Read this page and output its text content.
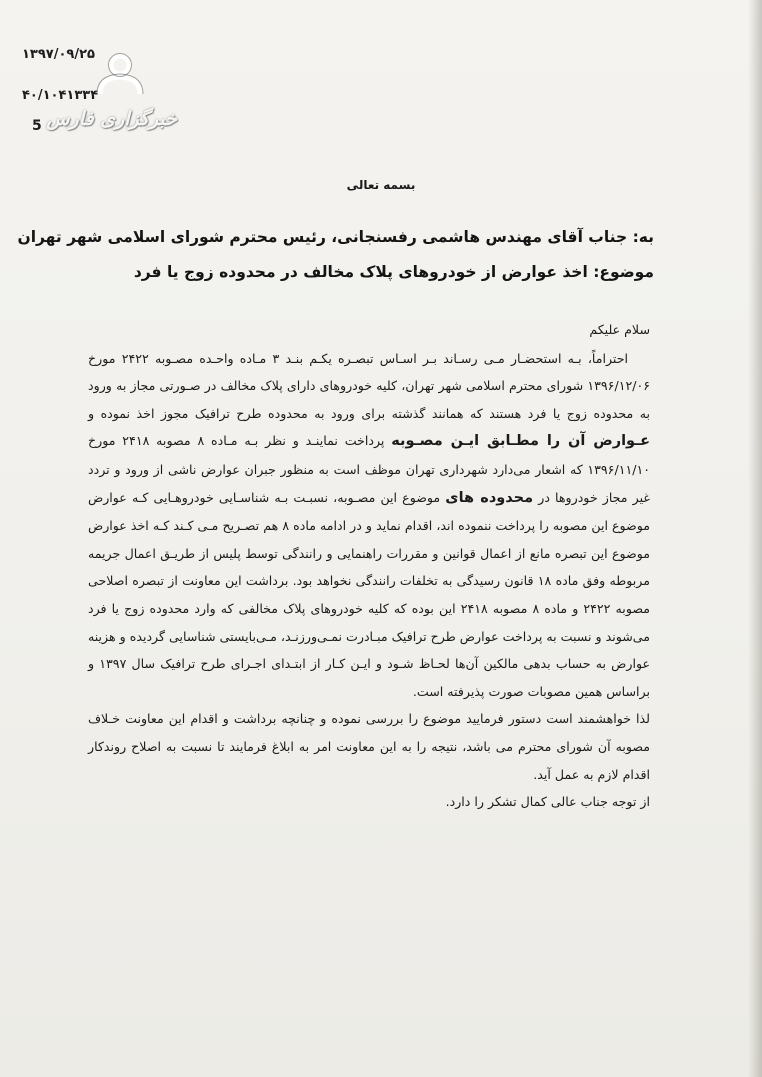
۱۳۹۷/۰۹/۲۵
۴۰/۱۰۴۱۳۳۴
5 خبرگزاری فارس
بسمه تعالی
به: جناب آقای مهندس هاشمی رفسنجانی، رئیس محترم شورای اسلامی شهر تهران
موضوع: اخذ عوارض از خودروهای پلاک مخالف در محدوده زوج یا فرد

سلام علیکم

احتراماً، بـه استحضـار مـی رسـاند بـر اسـاس تبصـره یکـم بنـد ۳ مـاده واحـده مصـوبه ۲۴۲۲ مورخ ۱۳۹۶/۱۲/۰۶ شورای محترم اسلامی شهر تهران، کلیه خودروهای دارای پلاک مخالف در صـورتی مجاز به ورود به محدوده زوج یا فرد هستند که همانند گذشته برای ورود به محدوده طرح ترافیک مجوز اخذ نموده و عـوارض آن را مطـابق ایـن مصـوبه پرداخت نماینـد و نظر بـه مـاده ۸ مصوبه ۲۴۱۸ مورخ ۱۳۹۶/۱۱/۱۰ که اشعار می‌دارد شهرداری تهران موظف است به منظور جبران عوارض ناشی از ورود و تردد غیر مجاز خودروها در محدوده های موضوع این مصـوبه، نسبـت بـه شناسـایی خودروهـایی کـه عوارض موضوع این مصوبه را پرداخت ننموده اند، اقدام نماید و در ادامه ماده ۸ هم تصـریح مـی کـند کـه اخذ عوارض موضوع این تبصره مانع از اعمال قوانین و مقررات راهنمایی و رانندگی توسط پلیس از طریـق اعمال جریمه مربوطه وفق ماده ۱۸ قانون رسیدگی به تخلفات رانندگی نخواهد بود. برداشت این معاونت از تبصره اصلاحی مصوبه ۲۴۲۲ و ماده ۸ مصوبه ۲۴۱۸ این بوده که کلیه خودروهای پلاک مخالفی که وارد محدوده زوج یا فرد می‌شوند و نسبت به پرداخت عوارض طرح ترافیک مبـادرت نمـی‌ورزنـد، مـی‌بایستی شناسایی گردیده و هزینه عوارض به حساب بدهی مالکین آن‌ها لحـاظ شـود و ایـن کـار از ابتـدای اجـرای طرح ترافیک سال ۱۳۹۷ و براساس همین مصوبات صورت پذیرفته است.

لذا خواهشمند است دستور فرمایید موضوع را بررسی نموده و چنانچه برداشت و اقدام این معاونت خـلاف مصوبه آن شورای محترم می باشد، نتیجه را به این معاونت امر به ابلاغ فرمایند تا نسبت به اصلاح روندکار اقدام لازم به عمل آید.

از توجه جناب عالی کمال تشکر را دارد.
